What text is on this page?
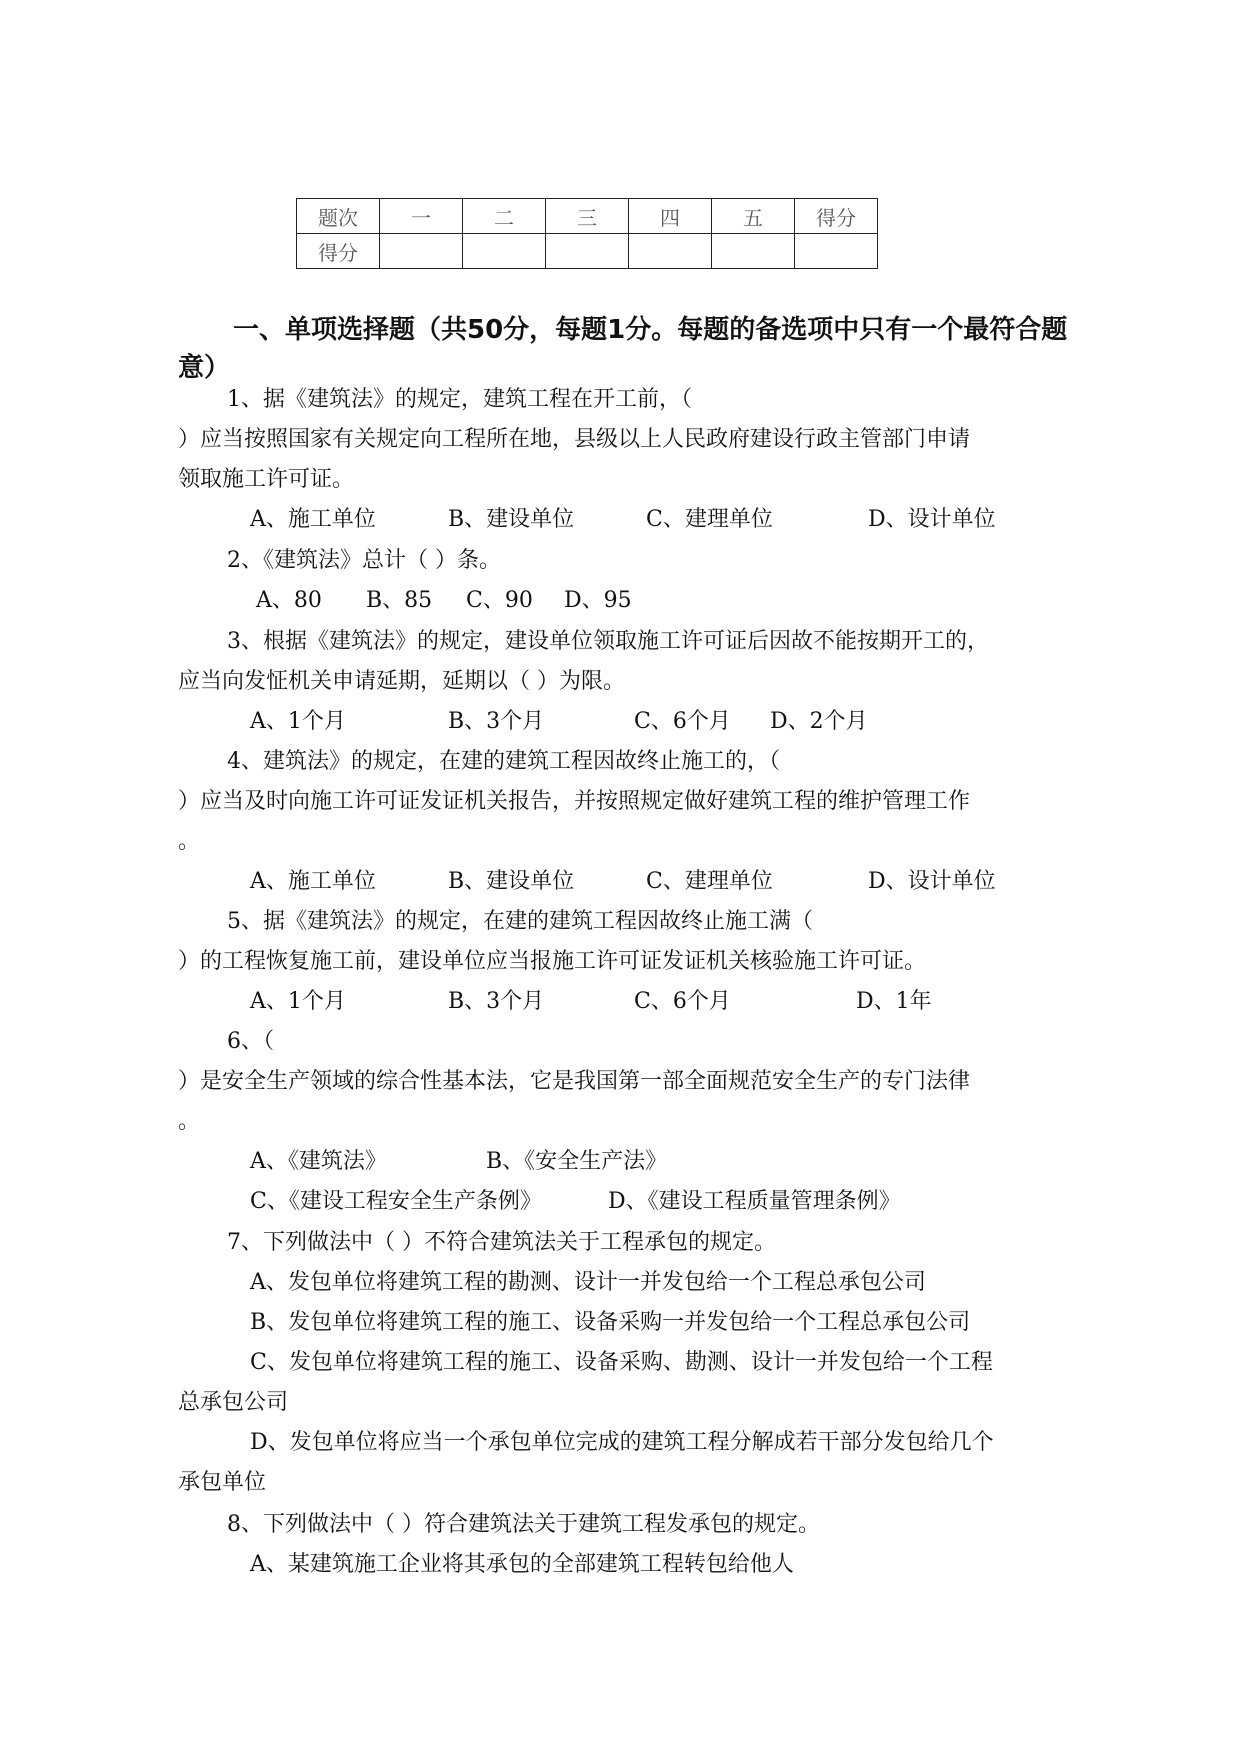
题次	一	二	三	四	五	得分
得分						

一、单项选择题（共50分，每题1分。每题的备选项中只有一个最符合题意）

1、据《建筑法》的规定，建筑工程在开工前，（

）应当按照国家有关规定向工程所在地，县级以上人民政府建设行政主管部门申请

领取施工许可证。

A、施工单位	B、建设单位	C、建理单位	D、设计单位

2、《建筑法》总计（ ）条。

A、80 B、85 C、90 D、95

3、根据《建筑法》的规定，建设单位领取施工许可证后因故不能按期开工的，

应当向发怔机关申请延期，延期以（ ）为限。

A、1个月	B、3个月	C、6个月 D、2个月

4、建筑法》的规定，在建的建筑工程因故终止施工的，（

）应当及时向施工许可证发证机关报告，并按照规定做好建筑工程的维护管理工作

。

A、施工单位	B、建设单位	C、建理单位	D、设计单位

5、据《建筑法》的规定，在建的建筑工程因故终止施工满（

）的工程恢复施工前，建设单位应当报施工许可证发证机关核验施工许可证。

A、1个月	B、3个月	C、6个月	D、1年

6、（

）是安全生产领域的综合性基本法，它是我国第一部全面规范安全生产的专门法律

。

A、《建筑法》	B、《安全生产法》
C、《建设工程安全生产条例》	D、《建设工程质量管理条例》

7、下列做法中（ ）不符合建筑法关于工程承包的规定。

A、发包单位将建筑工程的勘测、设计一并发包给一个工程总承包公司

B、发包单位将建筑工程的施工、设备采购一并发包给一个工程总承包公司

C、发包单位将建筑工程的施工、设备采购、勘测、设计一并发包给一个工程

总承包公司

D、发包单位将应当一个承包单位完成的建筑工程分解成若干部分发包给几个

承包单位

8、下列做法中（ ）符合建筑法关于建筑工程发承包的规定。

A、某建筑施工企业将其承包的全部建筑工程转包给他人
